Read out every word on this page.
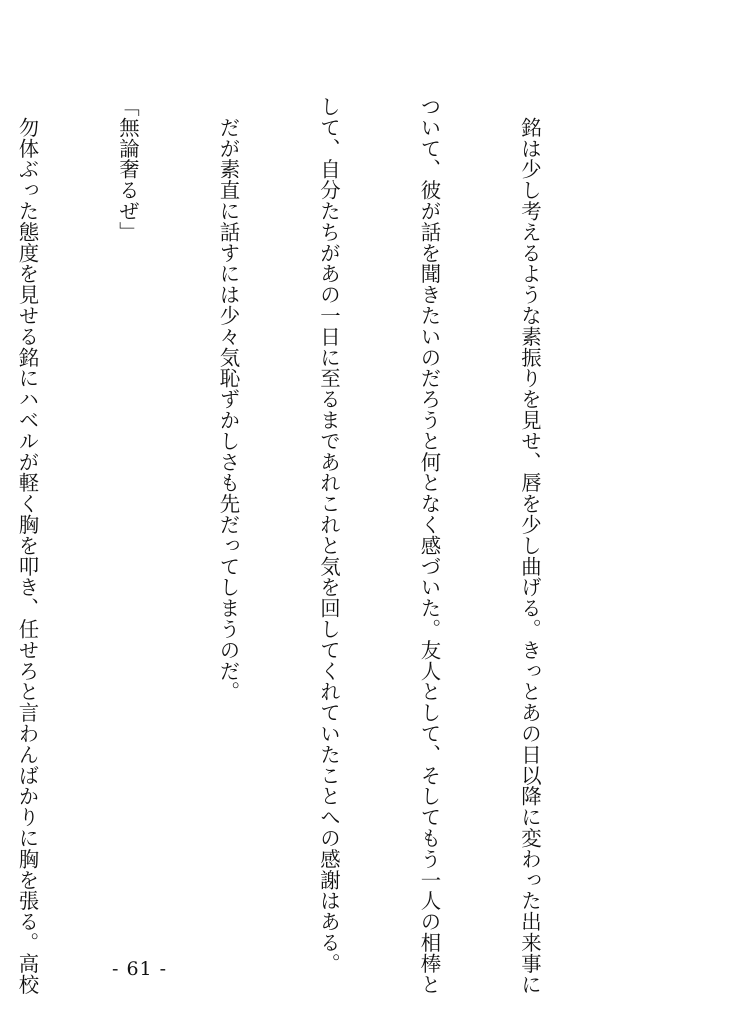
　銘は少し考えるような素振りを見せ、唇を少し曲げる。きっとあの日以降に変わった出来事に

ついて、彼が話を聞きたいのだろうと何となく感づいた。友人として、そしてもう一人の相棒と

して、自分たちがあの一日に至るまであれこれと気を回してくれていたことへの感謝はある。

　だが素直に話すには少々気恥ずかしさも先だってしまうのだ。

「無論奢るぜ」

　勿体ぶった態度を見せる銘にハベルが軽く胸を叩き、任せろと言わんばかりに胸を張る。高校

	- 61 -
